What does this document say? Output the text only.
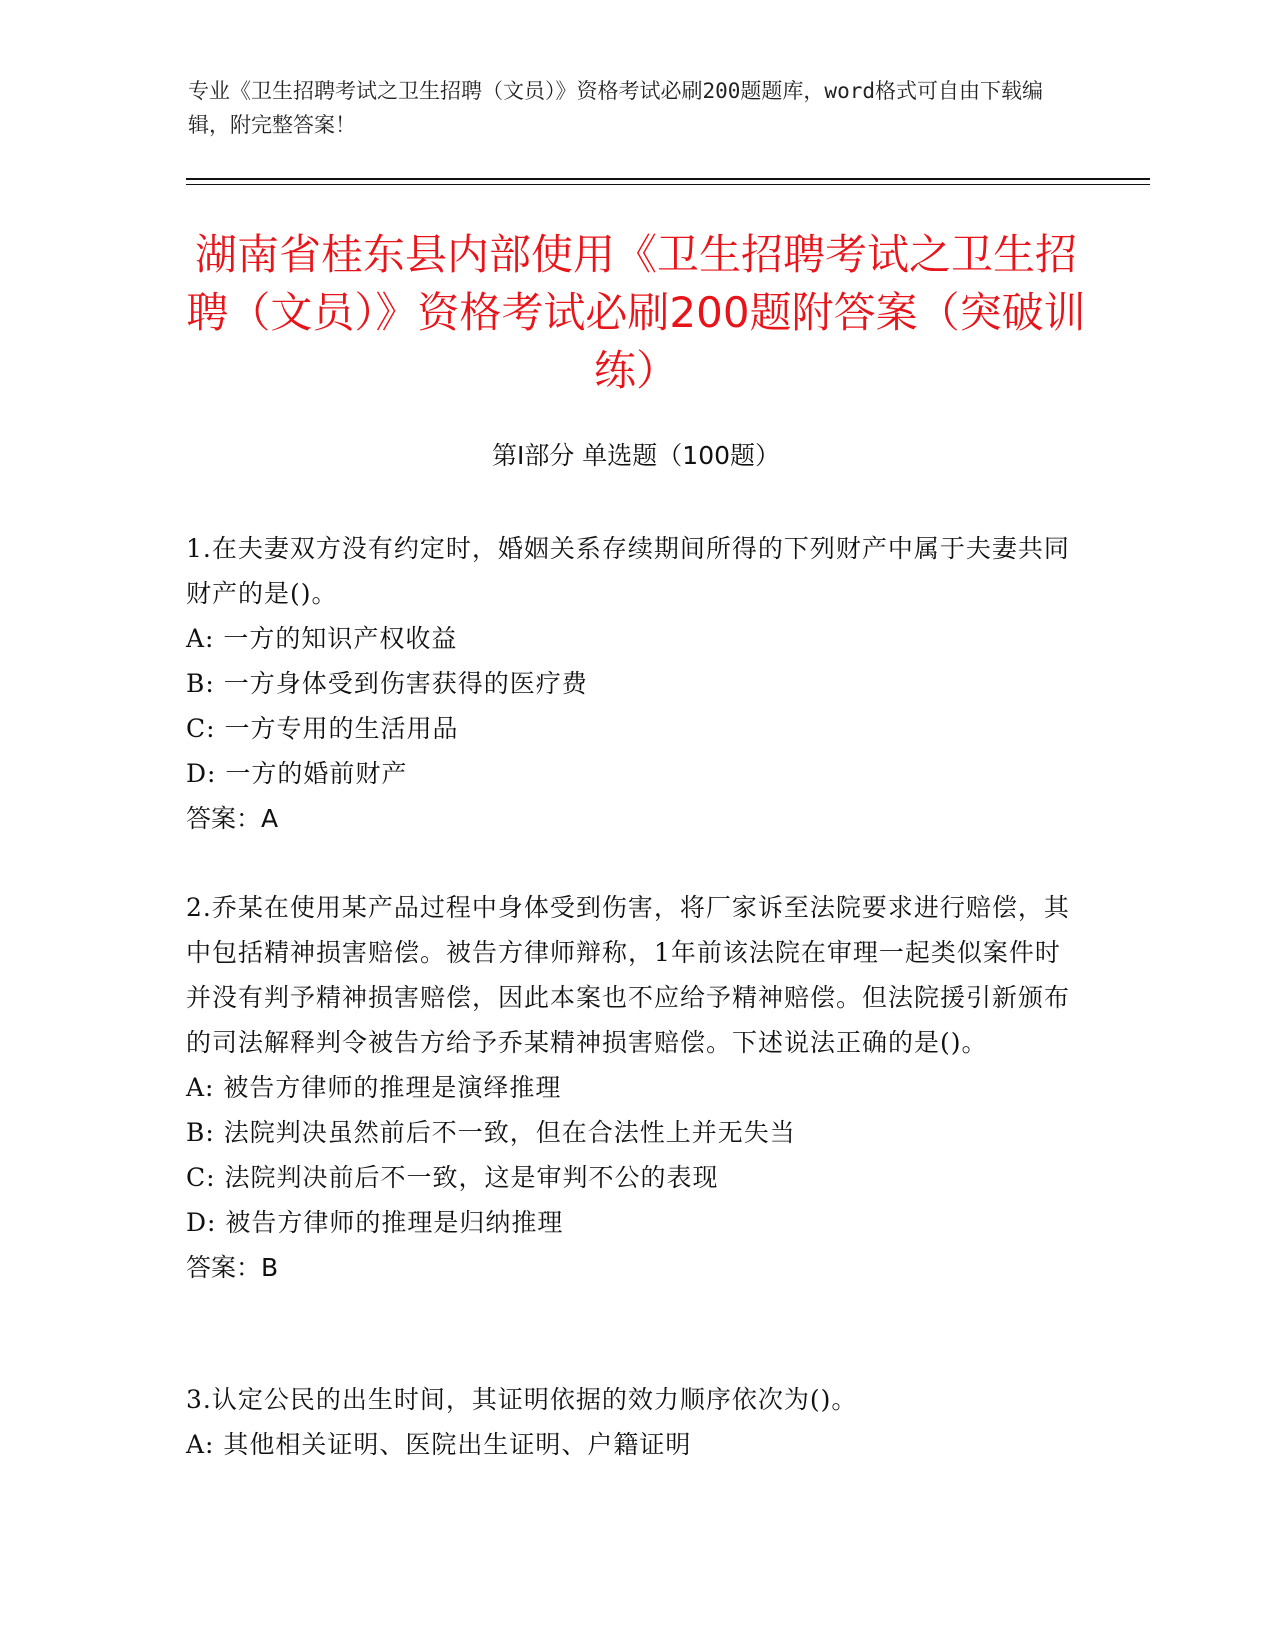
专业《卫生招聘考试之卫生招聘（文员）》资格考试必刷200题题库，word格式可自由下载编辑，附完整答案！
湖南省桂东县内部使用《卫生招聘考试之卫生招聘（文员）》资格考试必刷200题附答案（突破训练）
第Ⅰ部分 单选题（100题）

1.在夫妻双方没有约定时，婚姻关系存续期间所得的下列财产中属于夫妻共同财产的是()。

A: 一方的知识产权收益

B: 一方身体受到伤害获得的医疗费

C: 一方专用的生活用品

D: 一方的婚前财产

答案：A

2.乔某在使用某产品过程中身体受到伤害，将厂家诉至法院要求进行赔偿，其中包括精神损害赔偿。被告方律师辩称，1年前该法院在审理一起类似案件时并没有判予精神损害赔偿，因此本案也不应给予精神赔偿。但法院援引新颁布的司法解释判令被告方给予乔某精神损害赔偿。下述说法正确的是()。

A: 被告方律师的推理是演绎推理

B: 法院判决虽然前后不一致，但在合法性上并无失当

C: 法院判决前后不一致，这是审判不公的表现

D: 被告方律师的推理是归纳推理

答案：B

3.认定公民的出生时间，其证明依据的效力顺序依次为()。

A: 其他相关证明、医院出生证明、户籍证明
